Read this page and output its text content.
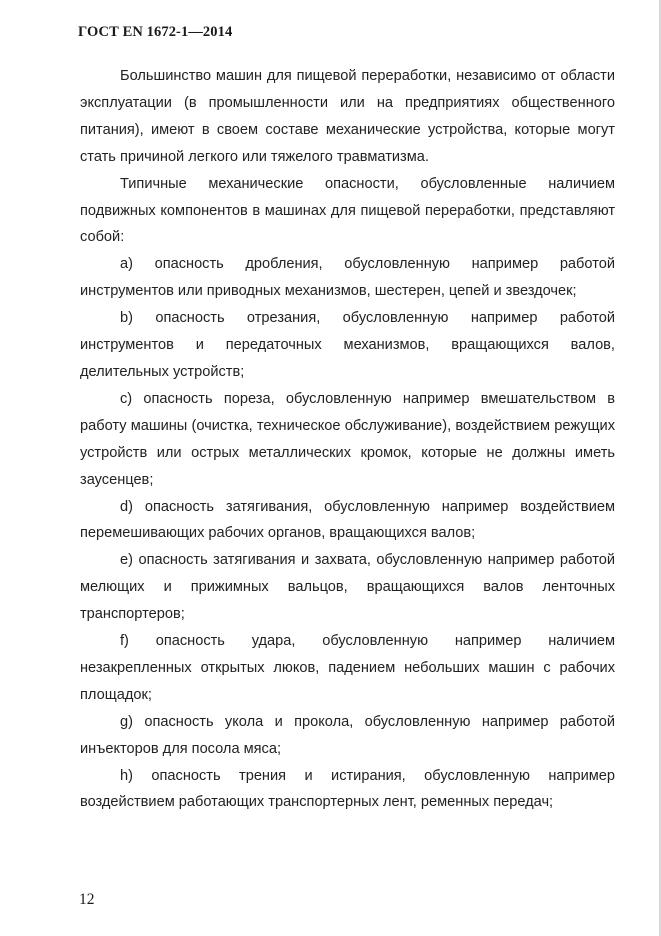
ГОСТ EN 1672-1—2014

Большинство машин для пищевой переработки, независимо от области эксплуатации (в промышленности или на предприятиях общественного питания), имеют в своем составе механические устройства, которые могут стать причиной легкого или тяжелого травматизма.

Типичные механические опасности, обусловленные наличием подвижных компонентов в машинах для пищевой переработки, представляют собой:

a) опасность дробления, обусловленную например работой инструментов или приводных механизмов, шестерен, цепей и звездочек;

b) опасность отрезания, обусловленную например работой инструментов и передаточных механизмов, вращающихся валов, делительных устройств;

c) опасность пореза, обусловленную например вмешательством в работу машины (очистка, техническое обслуживание), воздействием режущих устройств или острых металлических кромок, которые не должны иметь заусенцев;

d) опасность затягивания, обусловленную например воздействием перемешивающих рабочих органов, вращающихся валов;

e) опасность затягивания и захвата, обусловленную например работой мелющих и прижимных вальцов, вращающихся валов ленточных транспортеров;

f) опасность удара, обусловленную например наличием незакрепленных открытых люков, падением небольших машин с рабочих площадок;

g) опасность укола и прокола, обусловленную например работой инъекторов для посола мяса;

h) опасность трения и истирания, обусловленную например воздействием работающих транспортерных лент, ременных передач;

12
